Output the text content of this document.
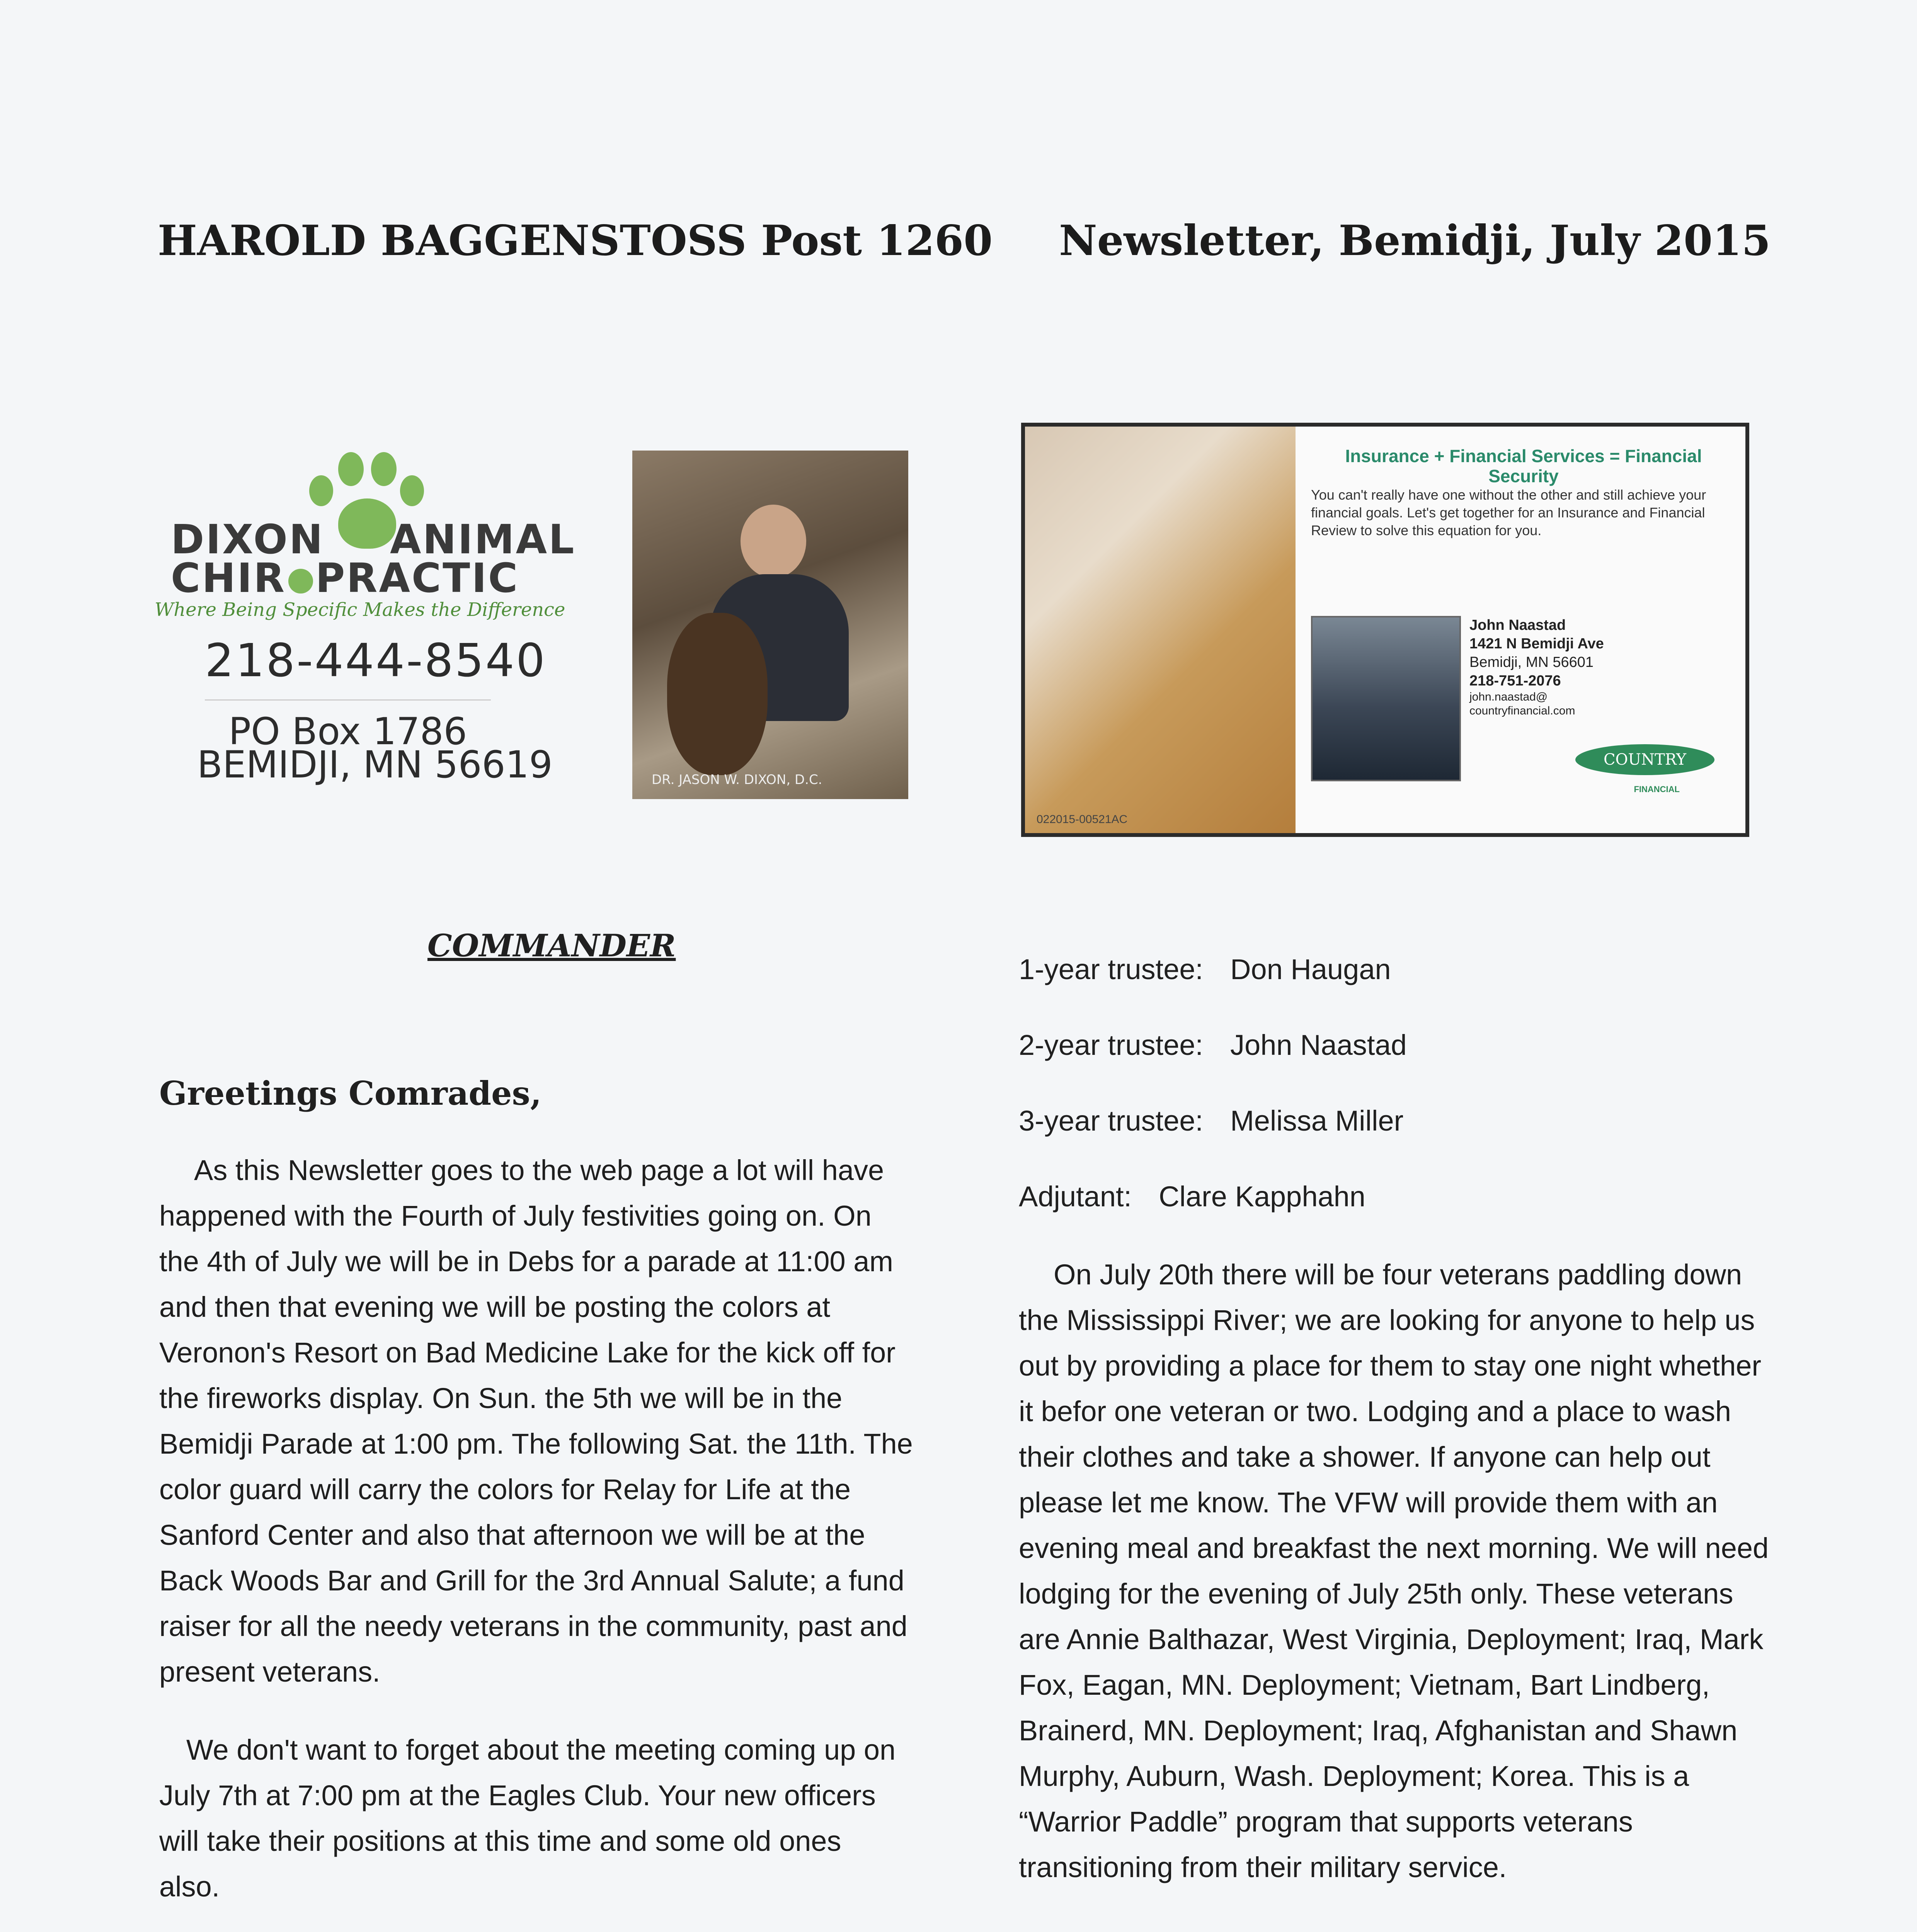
HAROLD BAGGENSTOSS Post 1260 Newsletter, Bemidji, July 2015
DIXON ANIMAL
CHIR PRACTIC
Where Being Specific Makes the Difference
218-444-8540
PO Box 1786
BEMIDJI, MN 56619	DR. JASON W. DIXON, D.C.
Insurance + Financial Services = Financial Security
You can't really have one without the other and still achieve your financial goals. Let's get together for an Insurance and Financial Review to solve this equation for you.
John Naastad
1421 N Bemidji Ave
Bemidji, MN 56601
218-751-2076
john.naastad@
countryfinancial.com
COUNTRY
FINANCIAL
022015-00521AC
COMMANDER
Greetings Comrades,

As this Newsletter goes to the web page a lot will have happened with the Fourth of July festivities going on. On the 4th of July we will be in Debs for a parade at 11:00 am and then that evening we will be posting the colors at Veronon's Resort on Bad Medicine Lake for the kick off for the fireworks display. On Sun. the 5th we will be in the Bemidji Parade at 1:00 pm. The following Sat. the 11th. The color guard will carry the colors for Relay for Life at the Sanford Center and also that afternoon we will be at the Back Woods Bar and Grill for the 3rd Annual Salute; a fund raiser for all the needy veterans in the community, past and present veterans.

We don't want to forget about the meeting coming up on July 7th at 7:00 pm at the Eagles Club. Your new officers will take their positions at this time and some old ones also.

1-year trustee: Don Haugan
2-year trustee: John Naastad
3-year trustee: Melissa Miller
Adjutant: Clare Kapphahn

On July 20th there will be four veterans paddling down the Mississippi River; we are looking for anyone to help us out by providing a place for them to stay one night whether it befor one veteran or two. Lodging and a place to wash their clothes and take a shower. If anyone can help out please let me know. The VFW will provide them with an evening meal and breakfast the next morning. We will need lodging for the evening of July 25th only. These veterans are Annie Balthazar, West Virginia, Deployment; Iraq, Mark Fox, Eagan, MN. Deployment; Vietnam, Bart Lindberg, Brainerd, MN. Deployment; Iraq, Afghanistan and Shawn Murphy, Auburn, Wash. Deployment; Korea. This is a “Warrior Paddle” program that supports veterans transitioning from their military service.
